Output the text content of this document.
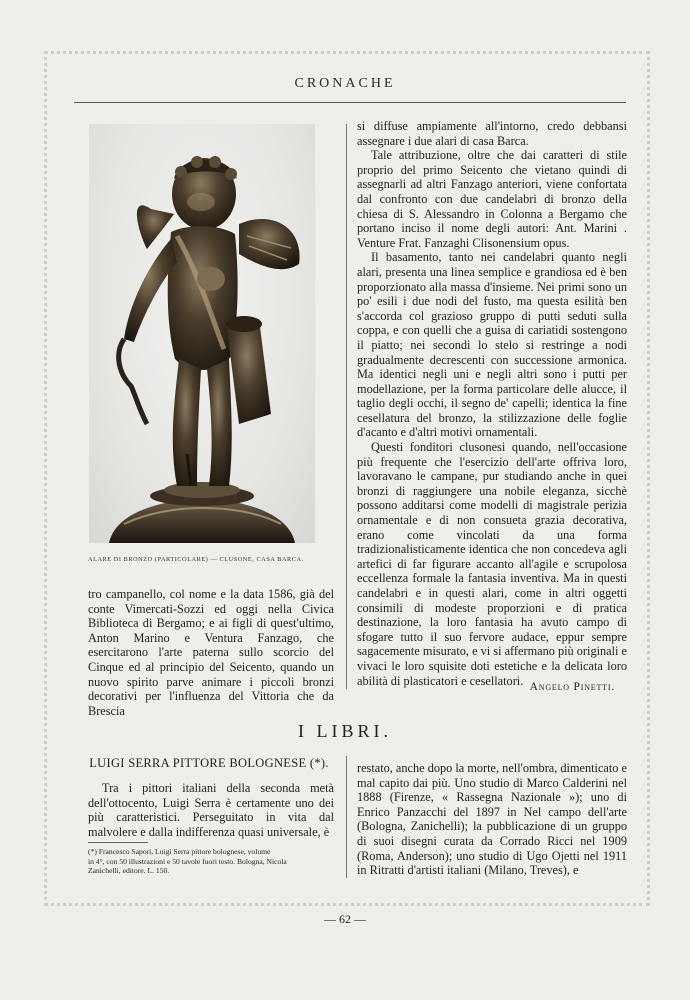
CRONACHE
ALARE DI BRONZO (PARTICOLARE) — CLUSONE, CASA BARCA.

si diffuse ampiamente all'intorno, credo debbansi assegnare i due alari di casa Barca.

Tale attribuzione, oltre che dai caratteri di stile proprio del primo Seicento che vietano quindi di assegnarli ad altri Fanzago anteriori, viene confortata dal confronto con due candelabri di bronzo della chiesa di S. Alessandro in Colonna a Bergamo che portano inciso il nome degli autori: Ant. Marini . Venture Frat. Fanzaghi Clisonensium opus.

Il basamento, tanto nei candelabri quanto negli alari, presenta una linea semplice e grandiosa ed è ben proporzionato alla massa d'insieme. Nei primi sono un po' esili i due nodi del fusto, ma questa esilità ben s'accorda col grazioso gruppo di putti seduti sulla coppa, e con quelli che a guisa di cariatidi sostengono il piatto; nei secondi lo stelo si restringe a nodi gradualmente decrescenti con successione armonica. Ma identici negli uni e negli altri sono i putti per modellazione, per la forma particolare delle alucce, il taglio degli occhi, il segno de' capelli; identica la fine cesellatura del bronzo, la stilizzazione delle foglie d'acanto e d'altri motivi ornamentali.

Questi fonditori clusonesi quando, nell'occasione più frequente che l'esercizio dell'arte offriva loro, lavoravano le campane, pur studiando anche in quei bronzi di raggiungere una nobile eleganza, sicchè possono additarsi come modelli di magistrale perizia ornamentale e di non consueta grazia decorativa, erano come vincolati da una forma tradizionalisticamente identica che non concedeva agli artefici di far figurare accanto all'agile e scrupolosa eccellenza formale la fantasia inventiva. Ma in questi candelabri e in questi alari, come in altri oggetti consimili di modeste proporzioni e di pratica destinazione, la loro fantasia ha avuto campo di sfogare tutto il suo fervore audace, eppur sempre sagacemente misurato, e vi si affermano più originali e vivaci le loro squisite doti estetiche e la delicata loro abilità di plasticatori e cesellatori. Angelo Pinetti.

tro campanello, col nome e la data 1586, già del conte Vimercati-Sozzi ed oggi nella Civica Biblioteca di Bergamo; e ai figli di quest'ultimo, Anton Marino e Ventura Fanzago, che esercitarono l'arte paterna sullo scorcio del Cinque ed al principio del Seicento, quando un nuovo spirito parve animare i piccoli bronzi decorativi per l'influenza del Vittoria che da Brescia

I LIBRI.
LUIGI SERRA PITTORE BOLOGNESE (*).

Tra i pittori italiani della seconda metà dell'ottocento, Luigi Serra è certamente uno dei più caratteristici. Perseguitato in vita dal malvolere e dalla indifferenza quasi universale, è

restato, anche dopo la morte, nell'ombra, dimenticato e mal capito dai più. Uno studio di Marco Calderini nel 1888 (Firenze, « Rassegna Nazionale »); uno di Enrico Panzacchi del 1897 in Nel campo dell'arte (Bologna, Zanichelli); la pubblicazione di un gruppo di suoi disegni curata da Corrado Ricci nel 1909 (Roma, Anderson); uno studio di Ugo Ojetti nel 1911 in Ritratti d'artisti italiani (Milano, Treves), e

(*) Francesco Sapori, Luigi Serra pittore bolognese, volume
in 4°, con 50 illustrazioni e 50 tavole fuori testo. Bologna, Nicola
Zanichelli, editore. L. 150.
— 62 —
